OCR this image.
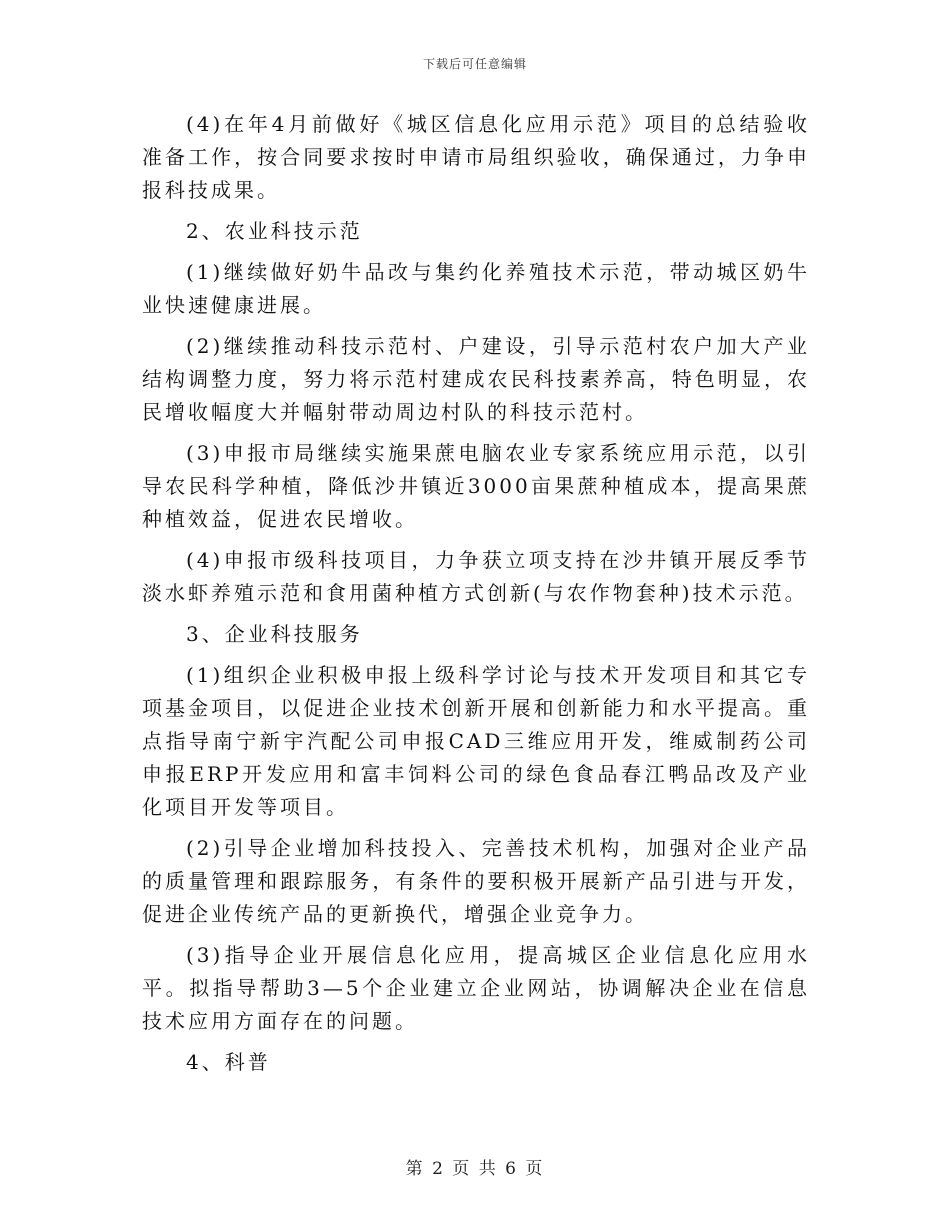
下载后可任意编辑

(4)在年4月前做好《城区信息化应用示范》项目的总结验收准备工作，按合同要求按时申请市局组织验收，确保通过，力争申报科技成果。

2、农业科技示范

(1)继续做好奶牛品改与集约化养殖技术示范，带动城区奶牛业快速健康进展。

(2)继续推动科技示范村、户建设，引导示范村农户加大产业结构调整力度，努力将示范村建成农民科技素养高，特色明显，农民增收幅度大并幅射带动周边村队的科技示范村。

(3)申报市局继续实施果蔗电脑农业专家系统应用示范，以引导农民科学种植，降低沙井镇近3000亩果蔗种植成本，提高果蔗种植效益，促进农民增收。

(4)申报市级科技项目，力争获立项支持在沙井镇开展反季节淡水虾养殖示范和食用菌种植方式创新(与农作物套种)技术示范。

3、企业科技服务

(1)组织企业积极申报上级科学讨论与技术开发项目和其它专项基金项目，以促进企业技术创新开展和创新能力和水平提高。重点指导南宁新宇汽配公司申报CAD三维应用开发，维威制药公司申报ERP开发应用和富丰饲料公司的绿色食品春江鸭品改及产业化项目开发等项目。

(2)引导企业增加科技投入、完善技术机构，加强对企业产品的质量管理和跟踪服务，有条件的要积极开展新产品引进与开发，促进企业传统产品的更新换代，增强企业竞争力。

(3)指导企业开展信息化应用，提高城区企业信息化应用水平。拟指导帮助3—5个企业建立企业网站，协调解决企业在信息技术应用方面存在的问题。

4、科普

第 2 页 共 6 页
